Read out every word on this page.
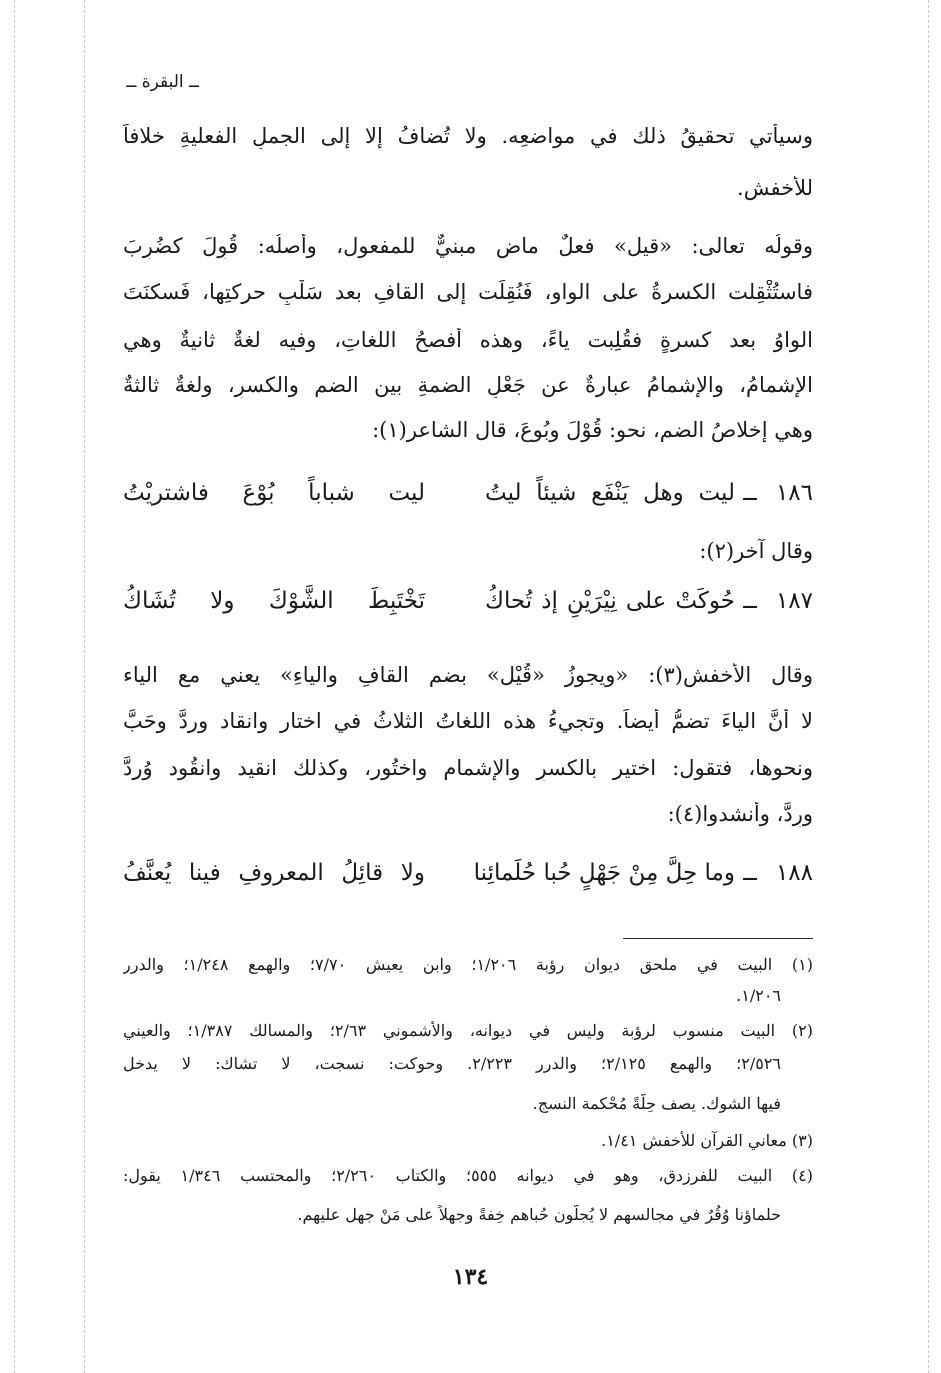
ــ البقرة ــ
وسيأتي تحقيقُ ذلك في مواضعِه. ولا تُضافُ إلا إلى الجملِ الفعليةِ خلافاً
للأخفش.
وقولُه تعالى: «قيل» فعلٌ ماضٍ مبنيٌّ للمفعول، وأصلُه: قُوِلَ كضُرِبَ
فاستُثْقِلت الكسرةُ على الواو، فَنُقِلَت إلى القافِ بعد سَلْبِ حركتِها، فَسكنَتَ
الواوُ بعد كسرةٍ فقُلِبت ياءً، وهذه أفصحُ اللغاتِ، وفيه لغةٌ ثانيةٌ وهي
الإشمامُ، والإشمامُ عبارةٌ عن جَعْلِ الضمةِ بين الضم والكسرِ، ولغةٌ ثالثةٌ
وهي إخلاصُ الضم، نحو: قُوْلَ وبُوعَ، قال الشاعر(١):
١٨٦
ــ
ليت وهل يَنْفَع شيئاً ليتُ
ليت شباباً بُوْعَ فاشتريْتُ
وقال آخر(٢):
١٨٧
ــ
حُوكَتْ على نِيْرَيْنِ إذ تُحاكُ
تَخْتَبِطَ الشَّوْكَ ولا تُشَاكُ
وقال الأخفش(٣): «ويجوزُ «قُيْل» بضم القافِ والياءِ» يعني مع الياء
لا أنَّ الياءَ تضمُّ أيضاً. وتجيءُ هذه اللغاتُ الثلاثُ في اختار وانقاد وردَّ وحَبَّ
ونحوها، فتقول: اختير بالكسرِ والإشمامِ واختُور، وكذلك انقيد وانقُود وُردَّ
ورِدَّ، وأنشدوا(٤):
١٨٨
ــ
وما حِلَّ مِنْ جَهْلٍ حُبا حُلَمائِنا
ولا قائِلُ المعروفِ فينا يُعنَّفُ
(١) البيت في ملحق ديوان رؤبة ١/٢٠٦؛ وابن يعيش ٧/٧٠؛ والهمع ١/٢٤٨؛ والدرر
١/٢٠٦.
(٢) البيت منسوب لرؤبة وليس في ديوانه، والأشموني ٢/٦٣؛ والمسالك ١/٣٨٧؛ والعيني
٢/٥٢٦؛ والهمع ٢/١٢٥؛ والدرر ٢/٢٢٣. وحوكت: نسجت، لا تشاك: لا يدخل
فيها الشوك. يصف حِلّةً مُحْكمة النسج.
(٣) معاني القرآن للأخفش ١/٤١.
(٤) البيت للفرزدق، وهو في ديوانه ٥٥٥؛ والكتاب ٢/٢٦٠؛ والمحتسب ١/٣٤٦ يقول:
حلماؤنا وُقُرٌ في مجالسهم لا يُجلُّون حُباهم خِفةً وجهلاً على مَنْ جهل عليهم.
١٣٤
